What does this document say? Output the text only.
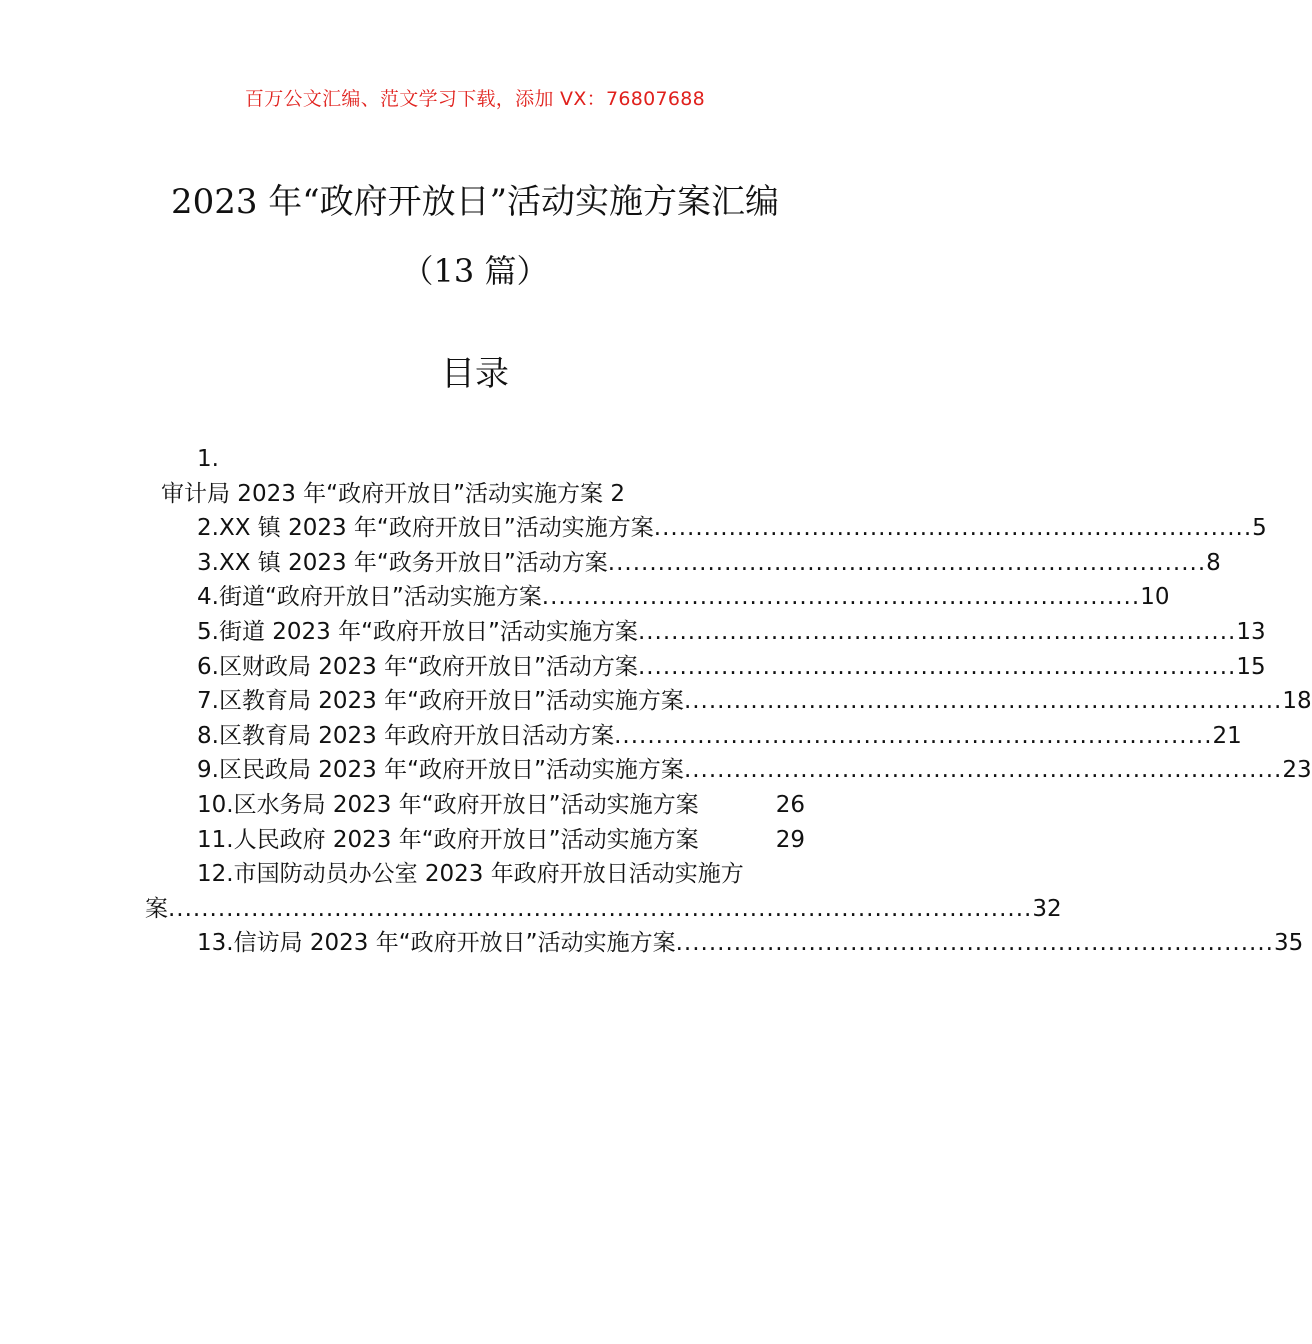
百万公文汇编、范文学习下载，添加 VX：76807688
2023 年“政府开放日”活动实施方案汇编
（13 篇）
目录
1.
审计局 2023 年“政府开放日”活动实施方案
2
2.XX 镇 2023 年“政府开放日”活动实施方案 ........................................................................ 5
3.XX 镇 2023 年“政务开放日”活动方案 ........................................................................ 8
4.街道“政府开放日”活动实施方案 ........................................................................ 10
5.街道 2023 年“政府开放日”活动实施方案 ........................................................................ 13
6.区财政局 2023 年“政府开放日”活动方案 ........................................................................ 15
7.区教育局 2023 年“政府开放日”活动实施方案 ........................................................................ 18
8.区教育局 2023 年政府开放日活动方案 ........................................................................ 21
9.区民政局 2023 年“政府开放日”活动实施方案 ........................................................................ 23
10.区水务局 2023 年“政府开放日”活动实施方案	26
11.人民政府 2023 年“政府开放日”活动实施方案	29
12.市国防动员办公室 2023 年政府开放日活动实施方
案 ........................................................................................................ 32
13.信访局 2023 年“政府开放日”活动实施方案 ........................................................................ 35
